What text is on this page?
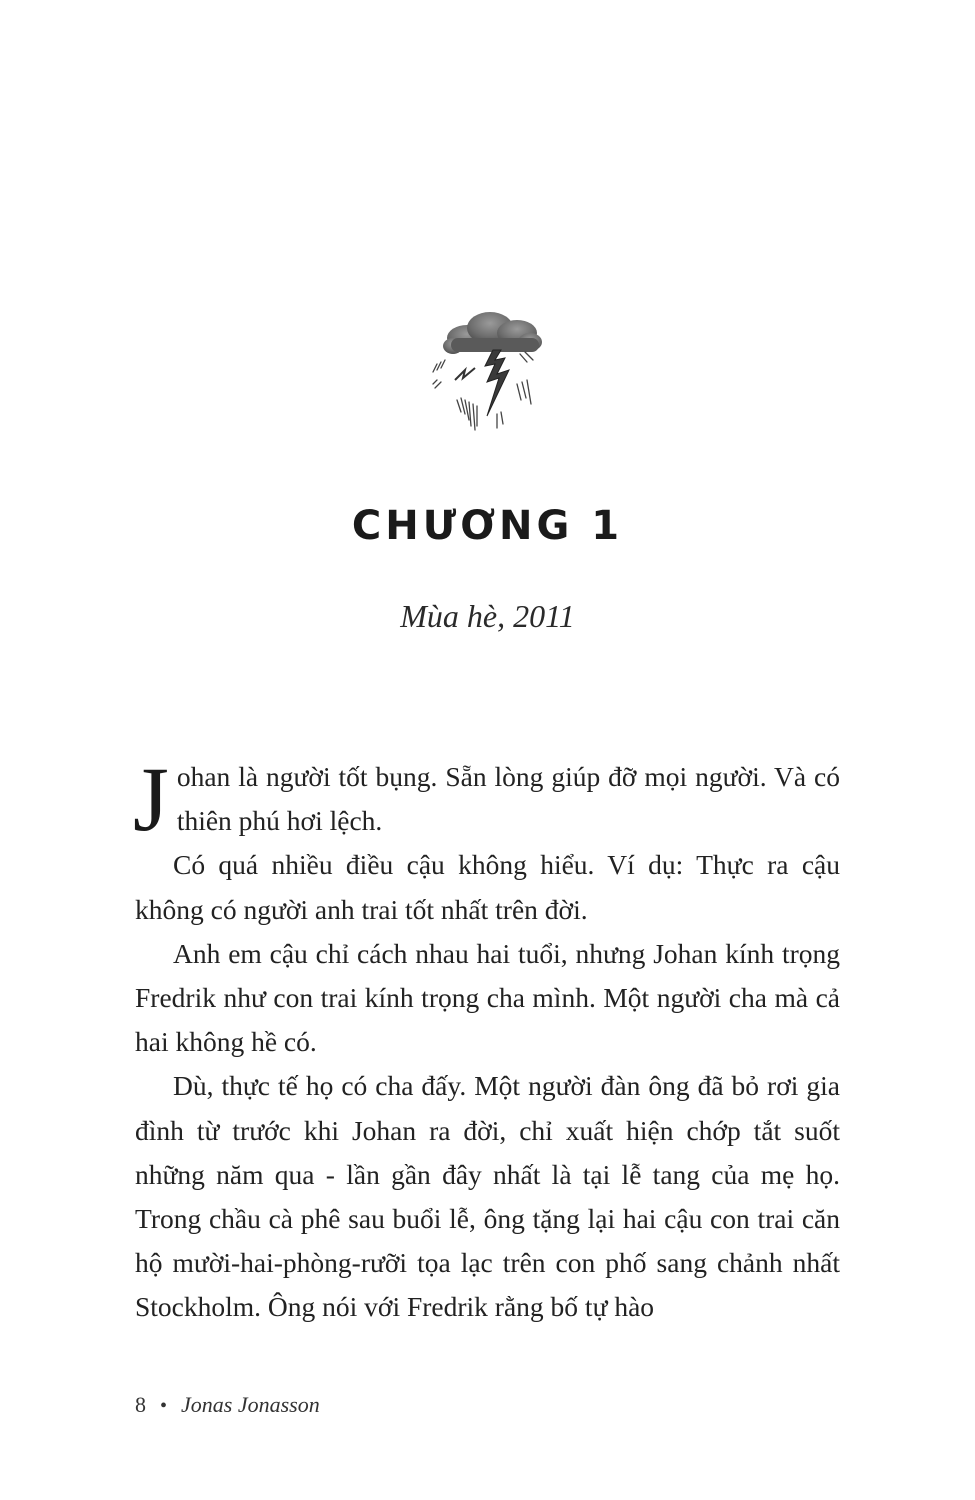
CHƯƠNG 1
Mùa hè, 2011

Johan là người tốt bụng. Sẵn lòng giúp đỡ mọi người. Và có thiên phú hơi lệch.

Có quá nhiều điều cậu không hiểu. Ví dụ: Thực ra cậu không có người anh trai tốt nhất trên đời.

Anh em cậu chỉ cách nhau hai tuổi, nhưng Johan kính trọng Fredrik như con trai kính trọng cha mình. Một người cha mà cả hai không hề có.

Dù, thực tế họ có cha đấy. Một người đàn ông đã bỏ rơi gia đình từ trước khi Johan ra đời, chỉ xuất hiện chớp tắt suốt những năm qua - lần gần đây nhất là tại lễ tang của mẹ họ. Trong chầu cà phê sau buổi lễ, ông tặng lại hai cậu con trai căn hộ mười-hai-phòng-rưỡi tọa lạc trên con phố sang chảnh nhất Stockholm. Ông nói với Fredrik rằng bố tự hào

8 • Jonas Jonasson
